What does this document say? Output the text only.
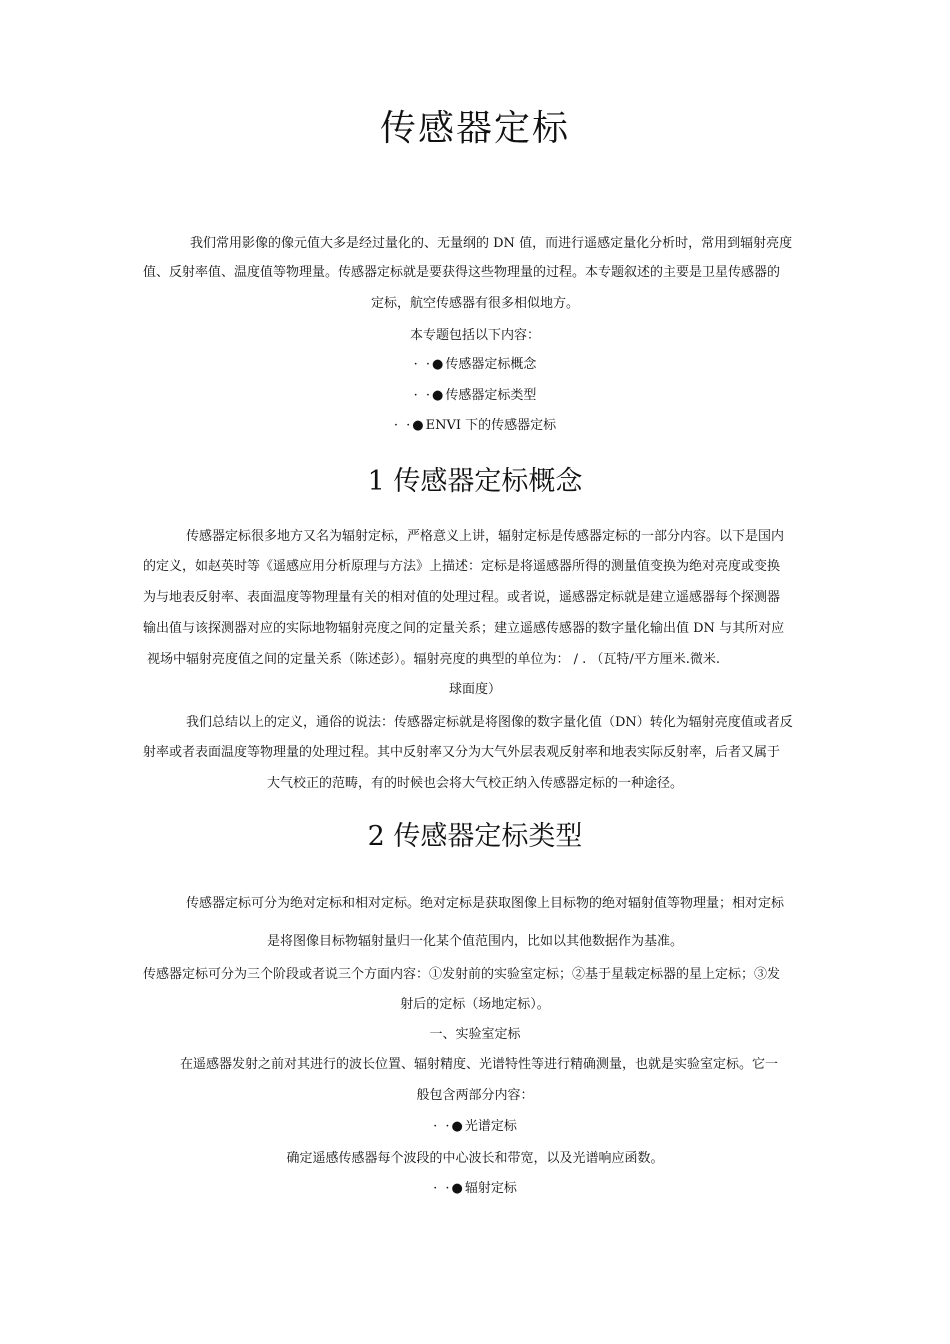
传感器定标
我们常用影像的像元值大多是经过量化的、无量纲的 DN 值，而进行遥感定量化分析时，常用到辐射亮度
值、反射率值、温度值等物理量。传感器定标就是要获得这些物理量的过程。本专题叙述的主要是卫星传感器的
定标，航空传感器有很多相似地方。
本专题包括以下内容：
· ·●传感器定标概念
· ·●传感器定标类型
· ·●ENVI 下的传感器定标
1 传感器定标概念
传感器定标很多地方又名为辐射定标，严格意义上讲，辐射定标是传感器定标的一部分内容。以下是国内
的定义，如赵英时等《遥感应用分析原理与方法》上描述：定标是将遥感器所得的测量值变换为绝对亮度或变换
为与地表反射率、表面温度等物理量有关的相对值的处理过程。或者说，遥感器定标就是建立遥感器每个探测器
输出值与该探测器对应的实际地物辐射亮度之间的定量关系；建立遥感传感器的数字量化输出值 DN 与其所对应
视场中辐射亮度值之间的定量关系（陈述彭）。辐射亮度的典型的单位为： / . （瓦特/平方厘米.微米.
球面度）
我们总结以上的定义，通俗的说法：传感器定标就是将图像的数字量化值（DN）转化为辐射亮度值或者反
射率或者表面温度等物理量的处理过程。其中反射率又分为大气外层表观反射率和地表实际反射率，后者又属于
大气校正的范畴，有的时候也会将大气校正纳入传感器定标的一种途径。
2 传感器定标类型
传感器定标可分为绝对定标和相对定标。绝对定标是获取图像上目标物的绝对辐射值等物理量；相对定标
是将图像目标物辐射量归一化某个值范围内，比如以其他数据作为基准。
传感器定标可分为三个阶段或者说三个方面内容：①发射前的实验室定标；②基于星载定标器的星上定标；③发
射后的定标（场地定标）。
一、实验室定标
在遥感器发射之前对其进行的波长位置、辐射精度、光谱特性等进行精确测量，也就是实验室定标。它一
般包含两部分内容：
· ·●光谱定标
确定遥感传感器每个波段的中心波长和带宽，以及光谱响应函数。
· ·●辐射定标
